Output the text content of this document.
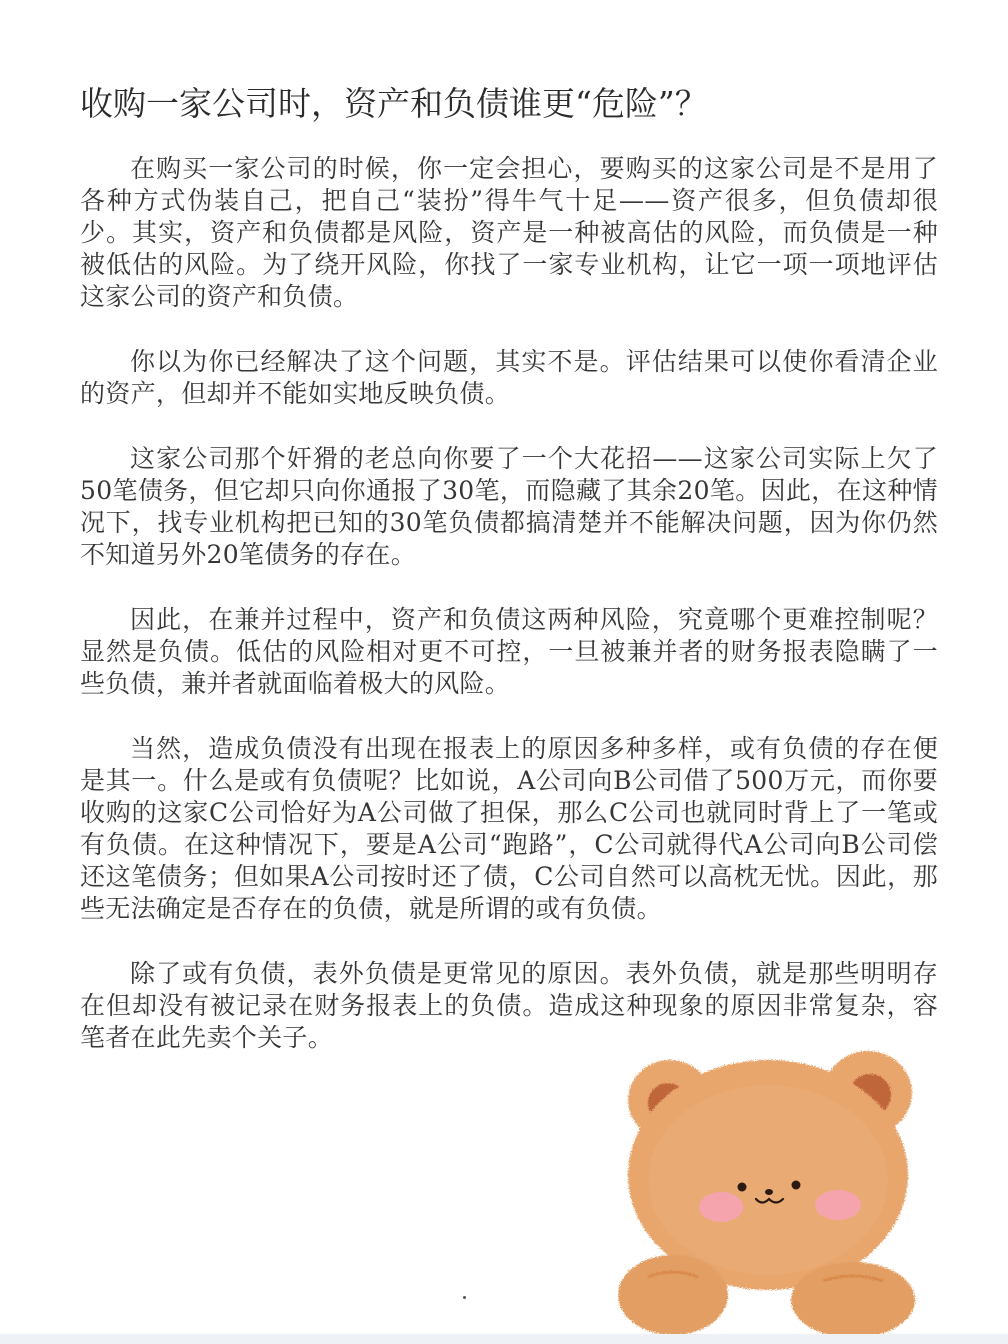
收购一家公司时，资产和负债谁更“危险”？

在购买一家公司的时候，你一定会担心，要购买的这家公司是不是用了各种方式伪装自己，把自己“装扮”得牛气十足——资产很多，但负债却很少。其实，资产和负债都是风险，资产是一种被高估的风险，而负债是一种被低估的风险。为了绕开风险，你找了一家专业机构，让它一项一项地评估这家公司的资产和负债。

你以为你已经解决了这个问题，其实不是。评估结果可以使你看清企业的资产，但却并不能如实地反映负债。

这家公司那个奸猾的老总向你要了一个大花招——这家公司实际上欠了50笔债务，但它却只向你通报了30笔，而隐藏了其余20笔。因此，在这种情况下，找专业机构把已知的30笔负债都搞清楚并不能解决问题，因为你仍然不知道另外20笔债务的存在。

因此，在兼并过程中，资产和负债这两种风险，究竟哪个更难控制呢？显然是负债。低估的风险相对更不可控，一旦被兼并者的财务报表隐瞒了一些负债，兼并者就面临着极大的风险。

当然，造成负债没有出现在报表上的原因多种多样，或有负债的存在便是其一。什么是或有负债呢？比如说，A公司向B公司借了500万元，而你要收购的这家C公司恰好为A公司做了担保，那么C公司也就同时背上了一笔或有负债。在这种情况下，要是A公司“跑路”，C公司就得代A公司向B公司偿还这笔债务；但如果A公司按时还了债，C公司自然可以高枕无忧。因此，那些无法确定是否存在的负债，就是所谓的或有负债。

除了或有负债，表外负债是更常见的原因。表外负债，就是那些明明存在但却没有被记录在财务报表上的负债。造成这种现象的原因非常复杂，容笔者在此先卖个关子。
